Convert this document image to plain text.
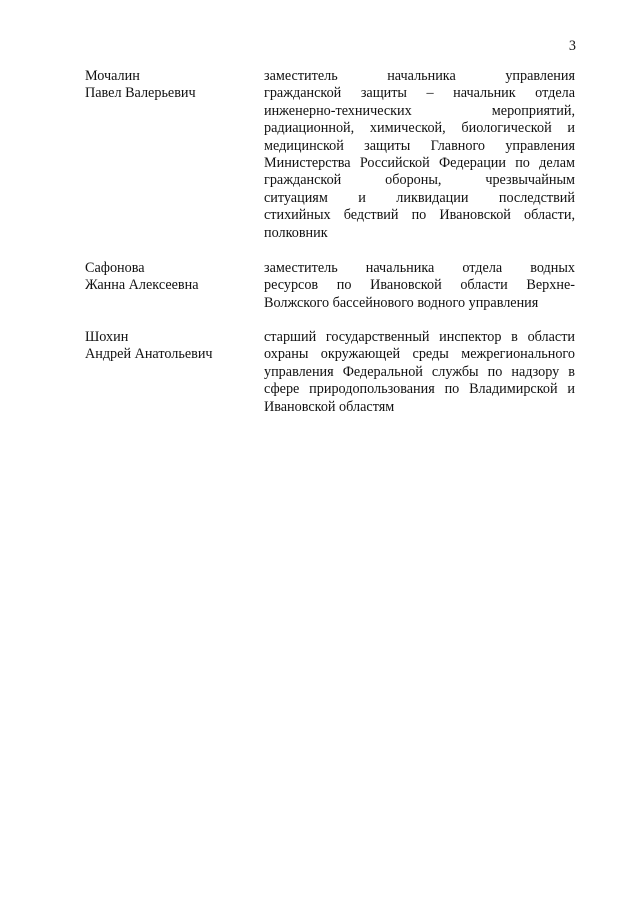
3
Мочалин
Павел Валерьевич
заместитель начальника управления
гражданской защиты – начальник отдела
инженерно-технических мероприятий,
радиационной, химической, биологической и
медицинской защиты Главного управления
Министерства Российской Федерации по делам
гражданской обороны, чрезвычайным
ситуациям и ликвидации последствий
стихийных бедствий по Ивановской области,
полковник
Сафонова
Жанна Алексеевна
заместитель начальника отдела водных
ресурсов по Ивановской области Верхне-
Волжского бассейнового водного управления
Шохин
Андрей Анатольевич
старший государственный инспектор в области
охраны окружающей среды межрегионального
управления Федеральной службы по надзору в
сфере природопользования по Владимирской и
Ивановской областям
